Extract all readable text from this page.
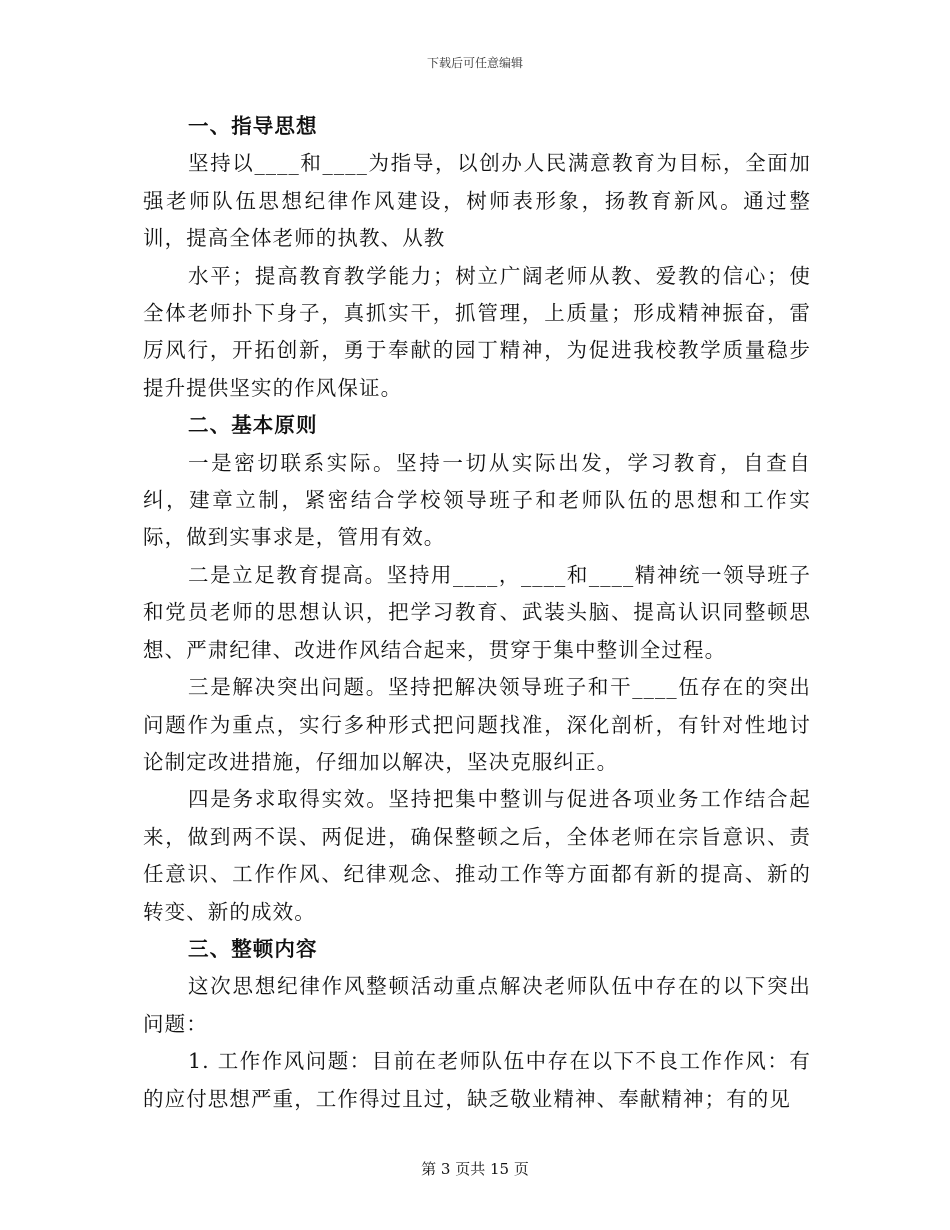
下载后可任意编辑
一、指导思想

坚持以____和____为指导，以创办人民满意教育为目标，全面加强老师队伍思想纪律作风建设，树师表形象，扬教育新风。通过整训，提高全体老师的执教、从教

水平；提高教育教学能力；树立广阔老师从教、爱教的信心；使全体老师扑下身子，真抓实干，抓管理，上质量；形成精神振奋，雷厉风行，开拓创新，勇于奉献的园丁精神，为促进我校教学质量稳步提升提供坚实的作风保证。

二、基本原则

一是密切联系实际。坚持一切从实际出发，学习教育，自查自纠，建章立制，紧密结合学校领导班子和老师队伍的思想和工作实际，做到实事求是，管用有效。

二是立足教育提高。坚持用____，____和____精神统一领导班子和党员老师的思想认识，把学习教育、武装头脑、提高认识同整顿思想、严肃纪律、改进作风结合起来，贯穿于集中整训全过程。

三是解决突出问题。坚持把解决领导班子和干____伍存在的突出问题作为重点，实行多种形式把问题找准，深化剖析，有针对性地讨论制定改进措施，仔细加以解决，坚决克服纠正。

四是务求取得实效。坚持把集中整训与促进各项业务工作结合起来，做到两不误、两促进，确保整顿之后，全体老师在宗旨意识、责任意识、工作作风、纪律观念、推动工作等方面都有新的提高、新的转变、新的成效。

三、整顿内容

这次思想纪律作风整顿活动重点解决老师队伍中存在的以下突出问题：

1. 工作作风问题：目前在老师队伍中存在以下不良工作作风：有的应付思想严重，工作得过且过，缺乏敬业精神、奉献精神；有的见

第 3 页共 15 页
